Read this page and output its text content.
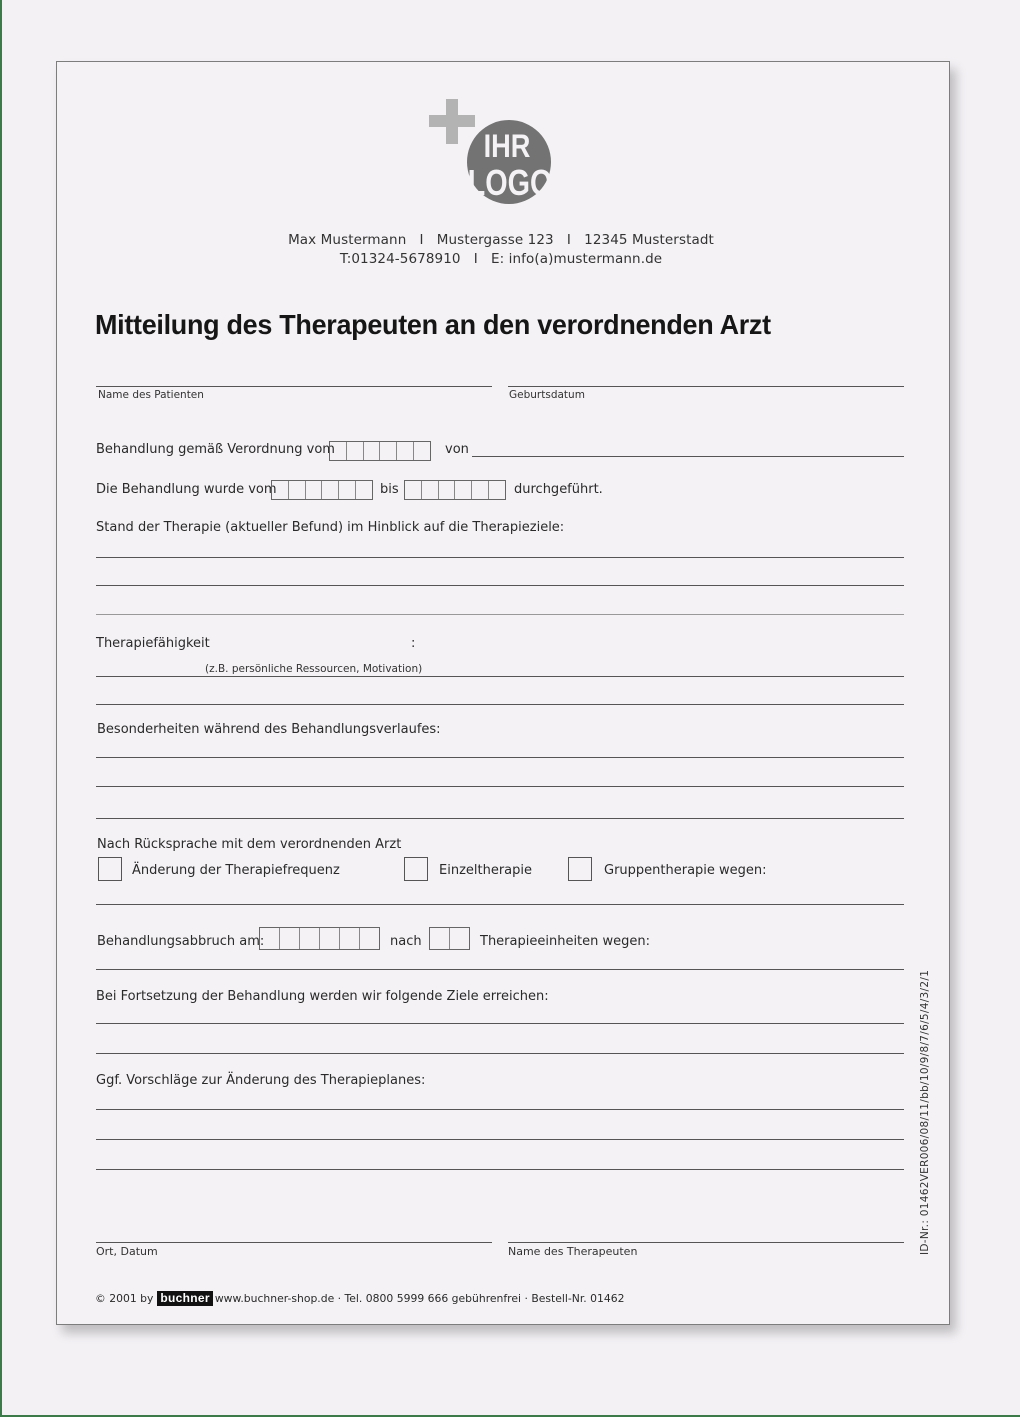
IHR
LOGO
Max Mustermann   I   Mustergasse 123   I   12345 Musterstadt
T:01324-5678910   I   E: info(a)mustermann.de
Mitteilung des Therapeuten an den verordnenden Arzt
Name des Patienten	Geburtsdatum
Behandlung gemäß Verordnung vom	von
Die Behandlung wurde vom	bis	durchgeführt.
Stand der Therapie (aktueller Befund) im Hinblick auf die Therapieziele:
Therapiefähigkeit	:
(z.B. persönliche Ressourcen, Motivation)
Besonderheiten während des Behandlungsverlaufes:
Nach Rücksprache mit dem verordnenden Arzt
Änderung der Therapiefrequenz	Einzeltherapie	Gruppentherapie wegen:
Behandlungsabbruch am:	nach	Therapieeinheiten wegen:
Bei Fortsetzung der Behandlung werden wir folgende Ziele erreichen:
Ggf. Vorschläge zur Änderung des Therapieplanes:
Ort, Datum	Name des Therapeuten	ID-Nr.: 01462VER006/08/11/bb/10/9/8/7/6/5/4/3/2/1
© 2001 by buchner www.buchner-shop.de · Tel. 0800 5999 666 gebührenfrei · Bestell-Nr. 01462
